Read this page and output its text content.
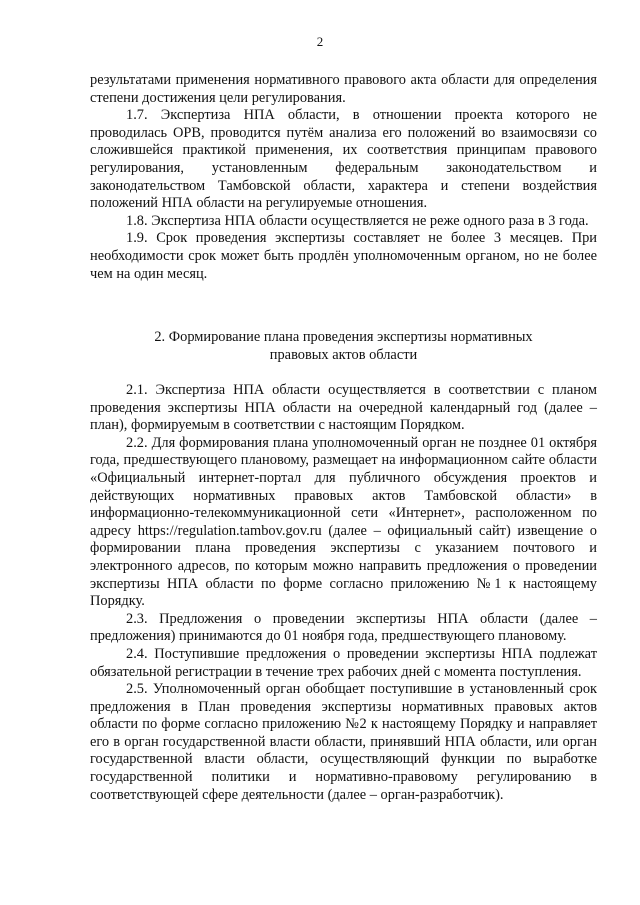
2

результатами применения нормативного правового акта области для определения степени достижения цели регулирования.

1.7. Экспертиза НПА области, в отношении проекта которого не проводилась ОРВ, проводится путём анализа его положений во взаимосвязи со сложившейся практикой применения, их соответствия принципам правового регулирования, установленным федеральным законодательством и законодательством Тамбовской области, характера и степени воздействия положений НПА области на регулируемые отношения.

1.8. Экспертиза НПА области осуществляется не реже одного раза в 3 года.

1.9. Срок проведения экспертизы составляет не более 3 месяцев. При необходимости срок может быть продлён уполномоченным органом, но не более чем на один месяц.

2. Формирование плана проведения экспертизы нормативных
правовых актов области

2.1. Экспертиза НПА области осуществляется в соответствии с планом проведения экспертизы НПА области на очередной календарный год (далее – план), формируемым в соответствии с настоящим Порядком.

2.2. Для формирования плана уполномоченный орган не позднее 01 октября года, предшествующего плановому, размещает на информационном сайте области «Официальный интернет-портал для публичного обсуждения проектов и действующих нормативных правовых актов Тамбовской области» в информационно-телекоммуникационной сети «Интернет», расположенном по адресу https://regulation.tambov.gov.ru (далее – официальный сайт) извещение о формировании плана проведения экспертизы с указанием почтового и электронного адресов, по которым можно направить предложения о проведении экспертизы НПА области по форме согласно приложению №1 к настоящему Порядку.

2.3. Предложения о проведении экспертизы НПА области (далее – предложения) принимаются до 01 ноября года, предшествующего плановому.

2.4. Поступившие предложения о проведении экспертизы НПА подлежат обязательной регистрации в течение трех рабочих дней с момента поступления.

2.5. Уполномоченный орган обобщает поступившие в установленный срок предложения в План проведения экспертизы нормативных правовых актов области по форме согласно приложению №2 к настоящему Порядку и направляет его в орган государственной власти области, принявший НПА области, или орган государственной власти области, осуществляющий функции по выработке государственной политики и нормативно-правовому регулированию в соответствующей сфере деятельности (далее – орган-разработчик).
